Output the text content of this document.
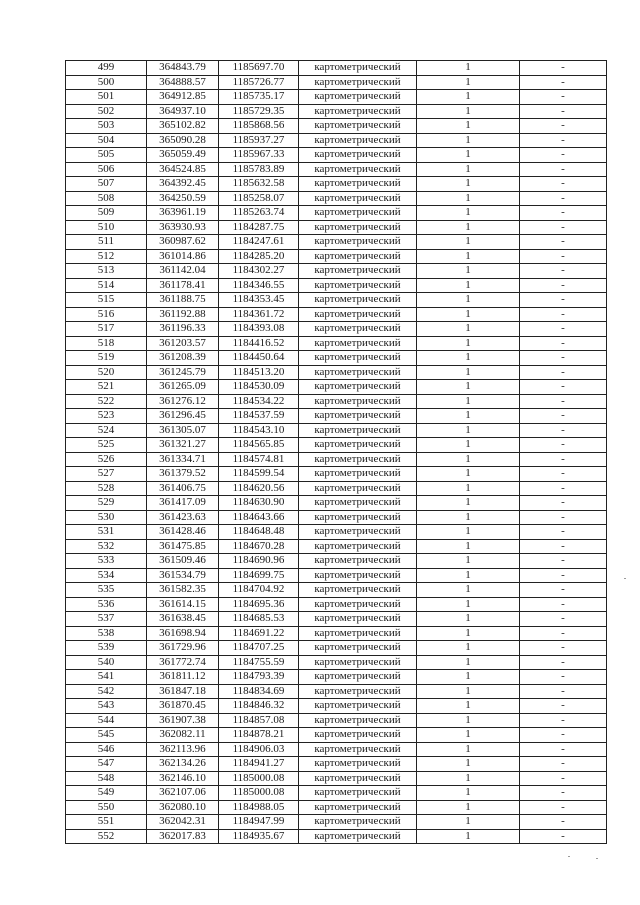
499	364843.79	1185697.70	картометрический	1	-
500	364888.57	1185726.77	картометрический	1	-
501	364912.85	1185735.17	картометрический	1	-
502	364937.10	1185729.35	картометрический	1	-
503	365102.82	1185868.56	картометрический	1	-
504	365090.28	1185937.27	картометрический	1	-
505	365059.49	1185967.33	картометрический	1	-
506	364524.85	1185783.89	картометрический	1	-
507	364392.45	1185632.58	картометрический	1	-
508	364250.59	1185258.07	картометрический	1	-
509	363961.19	1185263.74	картометрический	1	-
510	363930.93	1184287.75	картометрический	1	-
511	360987.62	1184247.61	картометрический	1	-
512	361014.86	1184285.20	картометрический	1	-
513	361142.04	1184302.27	картометрический	1	-
514	361178.41	1184346.55	картометрический	1	-
515	361188.75	1184353.45	картометрический	1	-
516	361192.88	1184361.72	картометрический	1	-
517	361196.33	1184393.08	картометрический	1	-
518	361203.57	1184416.52	картометрический	1	-
519	361208.39	1184450.64	картометрический	1	-
520	361245.79	1184513.20	картометрический	1	-
521	361265.09	1184530.09	картометрический	1	-
522	361276.12	1184534.22	картометрический	1	-
523	361296.45	1184537.59	картометрический	1	-
524	361305.07	1184543.10	картометрический	1	-
525	361321.27	1184565.85	картометрический	1	-
526	361334.71	1184574.81	картометрический	1	-
527	361379.52	1184599.54	картометрический	1	-
528	361406.75	1184620.56	картометрический	1	-
529	361417.09	1184630.90	картометрический	1	-
530	361423.63	1184643.66	картометрический	1	-
531	361428.46	1184648.48	картометрический	1	-
532	361475.85	1184670.28	картометрический	1	-
533	361509.46	1184690.96	картометрический	1	-
534	361534.79	1184699.75	картометрический	1	-
535	361582.35	1184704.92	картометрический	1	-
536	361614.15	1184695.36	картометрический	1	-
537	361638.45	1184685.53	картометрический	1	-
538	361698.94	1184691.22	картометрический	1	-
539	361729.96	1184707.25	картометрический	1	-
540	361772.74	1184755.59	картометрический	1	-
541	361811.12	1184793.39	картометрический	1	-
542	361847.18	1184834.69	картометрический	1	-
543	361870.45	1184846.32	картометрический	1	-
544	361907.38	1184857.08	картометрический	1	-
545	362082.11	1184878.21	картометрический	1	-
546	362113.96	1184906.03	картометрический	1	-
547	362134.26	1184941.27	картометрический	1	-
548	362146.10	1185000.08	картометрический	1	-
549	362107.06	1185000.08	картометрический	1	-
550	362080.10	1184988.05	картометрический	1	-
551	362042.31	1184947.99	картометрический	1	-
552	362017.83	1184935.67	картометрический	1	-
